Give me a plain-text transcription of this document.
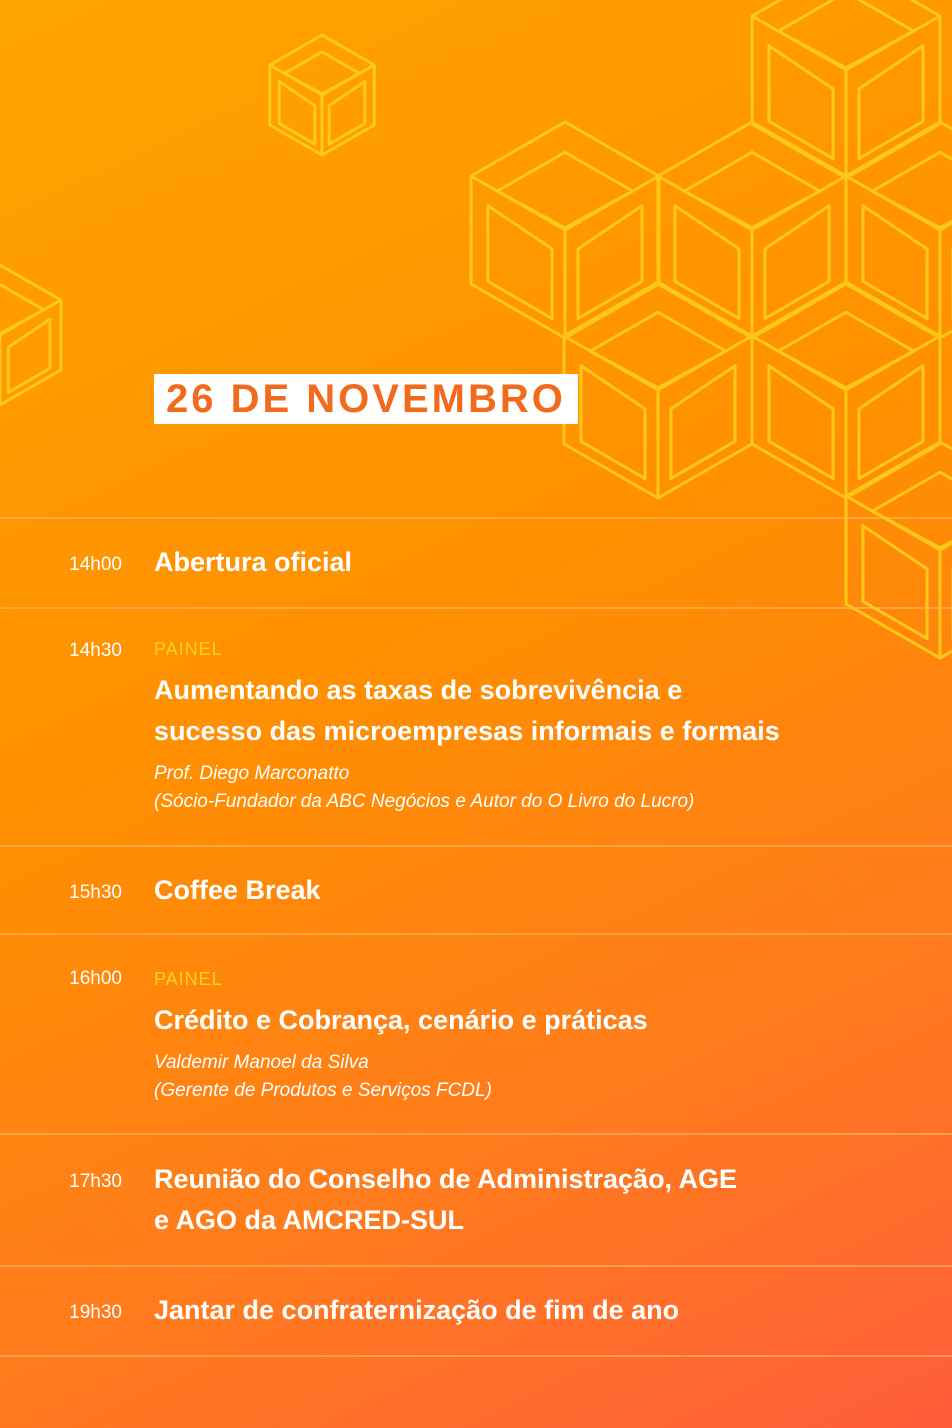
26 DE NOVEMBRO
14h00 Abertura oficial
14h30 PAINEL
Aumentando as taxas de sobrevivência e
sucesso das microempresas informais e formais
Prof. Diego Marconatto
(Sócio-Fundador da ABC Negócios e Autor do O Livro do Lucro)
15h30 Coffee Break
16h00 PAINEL
Crédito e Cobrança, cenário e práticas
Valdemir Manoel da Silva
(Gerente de Produtos e Serviços FCDL)
17h30 Reunião do Conselho de Administração, AGE
e AGO da AMCRED-SUL
19h30 Jantar de confraternização de fim de ano
